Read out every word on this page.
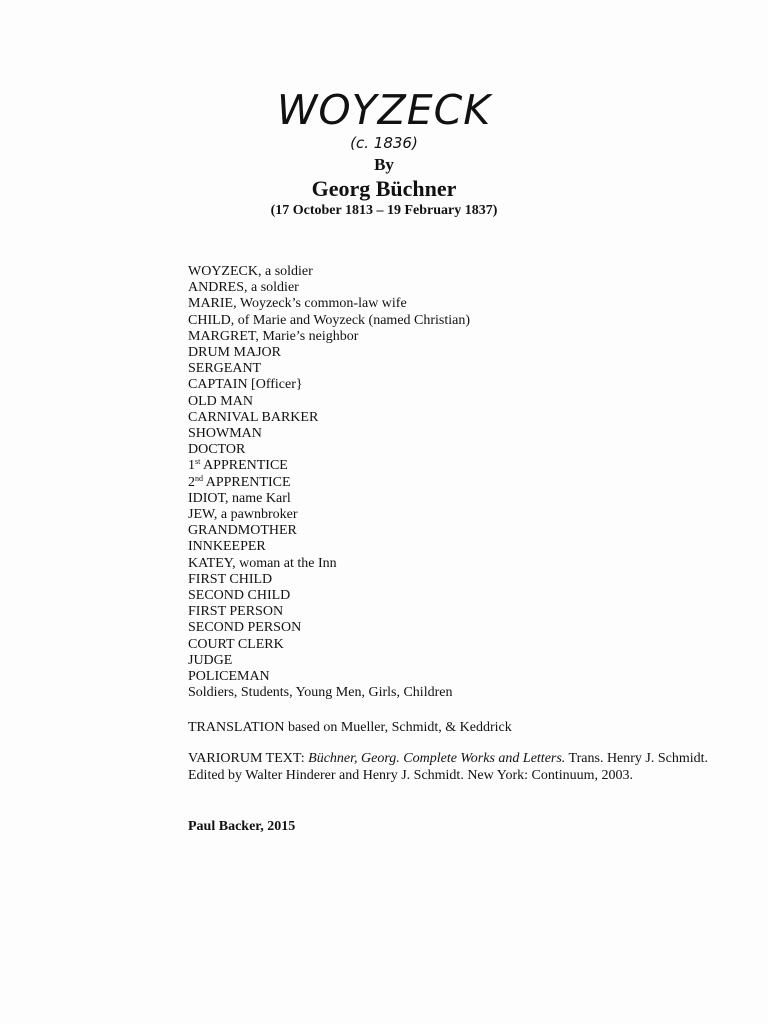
WOYZECK
(c. 1836)
By
Georg Büchner
(17 October 1813 – 19 February 1837)
WOYZECK, a soldier
ANDRES, a soldier
MARIE, Woyzeck’s common-law wife
CHILD, of Marie and Woyzeck (named Christian)
MARGRET, Marie’s neighbor
DRUM MAJOR
SERGEANT
CAPTAIN [Officer}
OLD MAN
CARNIVAL BARKER
SHOWMAN
DOCTOR
1st APPRENTICE
2nd APPRENTICE
IDIOT, name Karl
JEW, a pawnbroker
GRANDMOTHER
INNKEEPER
KATEY, woman at the Inn
FIRST CHILD
SECOND CHILD
FIRST PERSON
SECOND PERSON
COURT CLERK
JUDGE
POLICEMAN
Soldiers, Students, Young Men, Girls, Children
TRANSLATION based on Mueller, Schmidt, & Keddrick
VARIORUM TEXT: Büchner, Georg. Complete Works and Letters. Trans. Henry J. Schmidt. Edited by Walter Hinderer and Henry J. Schmidt. New York: Continuum, 2003.
Paul Backer, 2015
